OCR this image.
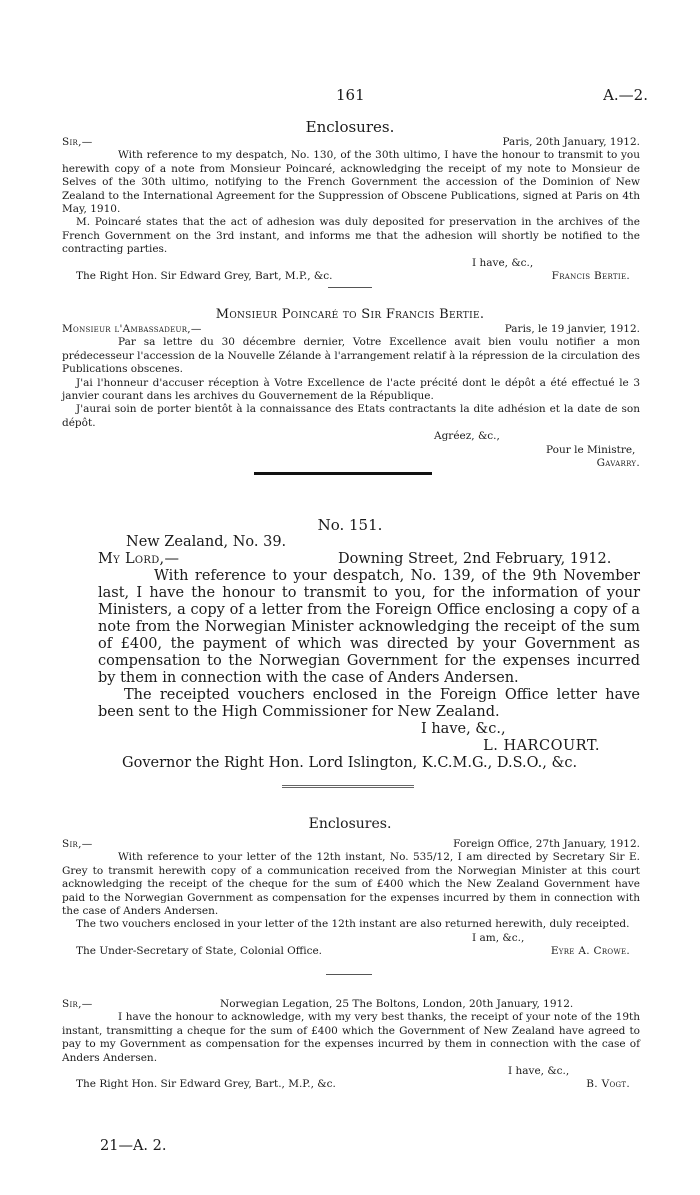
161	A.—2.
Enclosures.
Sir,—	Paris, 20th January, 1912.

With reference to my despatch, No. 130, of the 30th ultimo, I have the honour to transmit to you herewith copy of a note from Monsieur Poincaré, acknowledging the receipt of my note to Monsieur de Selves of the 30th ultimo, notifying to the French Government the accession of the Dominion of New Zealand to the International Agreement for the Suppression of Obscene Publications, signed at Paris on 4th May, 1910.

M. Poincaré states that the act of adhesion was duly deposited for preservation in the archives of the French Government on the 3rd instant, and informs me that the adhesion will shortly be notified to the contracting parties.

I have, &c.,
The Right Hon. Sir Edward Grey, Bart, M.P., &c.	Francis Bertie.
Monsieur Poincaré to Sir Francis Bertie.
Monsieur l'Ambassadeur,—	Paris, le 19 janvier, 1912.

Par sa lettre du 30 décembre dernier, Votre Excellence avait bien voulu notifier a mon prédecesseur l'accession de la Nouvelle Zélande à l'arrangement relatif à la répression de la circulation des Publications obscenes.

J'ai l'honneur d'accuser réception à Votre Excellence de l'acte précité dont le dépôt a été effectué le 3 janvier courant dans les archives du Gouvernement de la République.

J'aurai soin de porter bientôt à la connaissance des Etats contractants la dite adhésion et la date de son dépôt.

Agréez, &c.,
Pour le Ministre,
Gavarry.
No. 151.
New Zealand, No. 39.
My Lord,—	Downing Street, 2nd February, 1912.

With reference to your despatch, No. 139, of the 9th November last, I have the honour to transmit to you, for the information of your Ministers, a copy of a letter from the Foreign Office enclosing a copy of a note from the Norwegian Minister acknowledging the receipt of the sum of £400, the payment of which was directed by your Government as compensation to the Norwegian Government for the expenses incurred by them in connection with the case of Anders Andersen.

The receipted vouchers enclosed in the Foreign Office letter have been sent to the High Commissioner for New Zealand.

I have, &c.,
L. HARCOURT.
Governor the Right Hon. Lord Islington, K.C.M.G., D.S.O., &c.
Enclosures.
Sir,—	Foreign Office, 27th January, 1912.

With reference to your letter of the 12th instant, No. 535/12, I am directed by Secretary Sir E. Grey to transmit herewith copy of a communication received from the Norwegian Minister at this court acknowledging the receipt of the cheque for the sum of £400 which the New Zealand Government have paid to the Norwegian Government as compensation for the expenses incurred by them in connection with the case of Anders Andersen.

The two vouchers enclosed in your letter of the 12th instant are also returned herewith, duly receipted.

I am, &c.,
The Under-Secretary of State, Colonial Office.	Eyre A. Crowe.
Sir,—	Norwegian Legation, 25 The Boltons, London, 20th January, 1912.

I have the honour to acknowledge, with my very best thanks, the receipt of your note of the 19th instant, transmitting a cheque for the sum of £400 which the Government of New Zealand have agreed to pay to my Government as compensation for the expenses incurred by them in connection with the case of Anders Andersen.

I have, &c.,
The Right Hon. Sir Edward Grey, Bart., M.P., &c.	B. Vogt.
21—A. 2.
